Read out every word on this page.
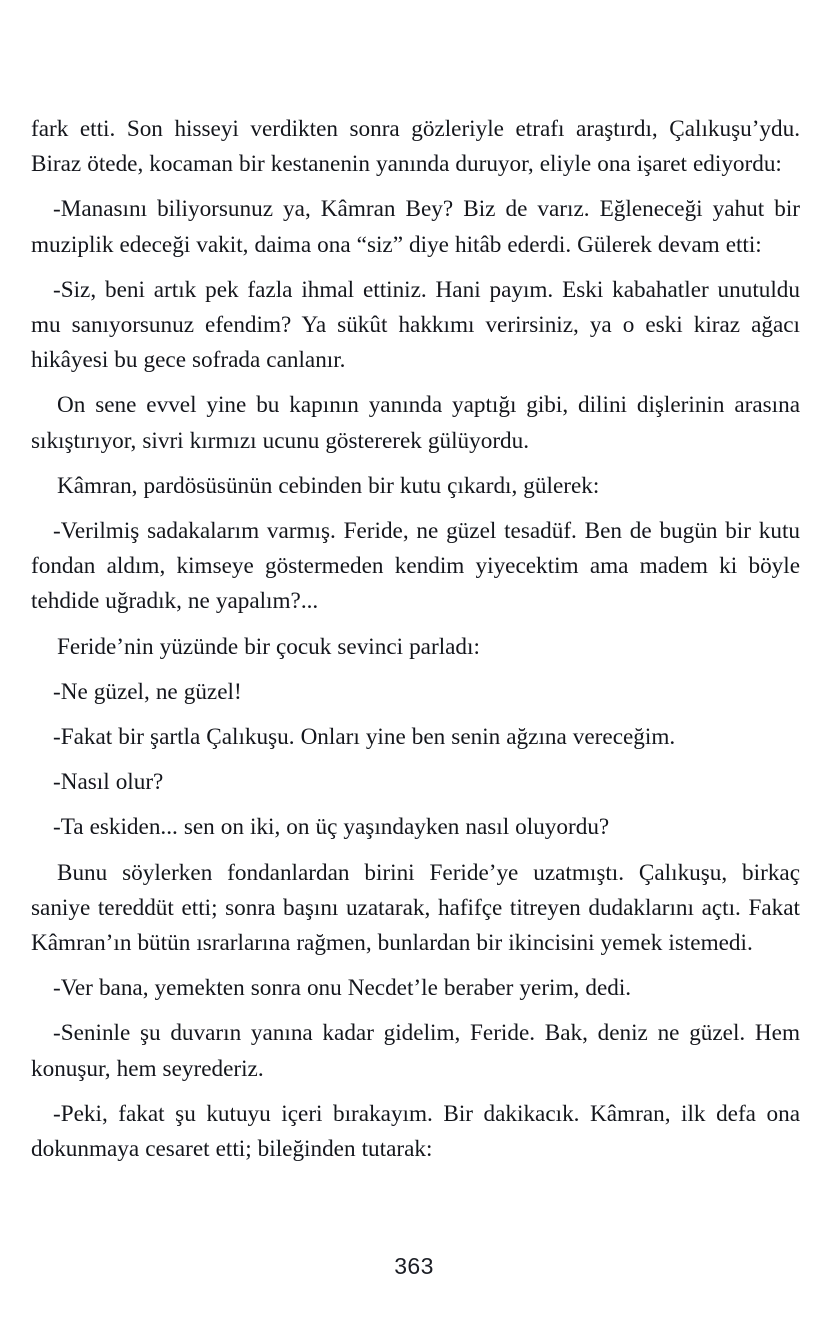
fark etti. Son hisseyi verdikten sonra gözleriyle etrafı araştırdı, Çalıkuşu’ydu. Biraz ötede, kocaman bir kestanenin yanında duruyor, eliyle ona işaret ediyordu:

-Manasını biliyorsunuz ya, Kâmran Bey? Biz de varız. Eğleneceği yahut bir muziplik edeceği vakit, daima ona “siz” diye hitâb ederdi. Gülerek devam etti:

-Siz, beni artık pek fazla ihmal ettiniz. Hani payım. Eski kabahatler unutuldu mu sanıyorsunuz efendim? Ya sükût hakkımı verirsiniz, ya o eski kiraz ağacı hikâyesi bu gece sofrada canlanır.

On sene evvel yine bu kapının yanında yaptığı gibi, dilini dişlerinin arasına sıkıştırıyor, sivri kırmızı ucunu göstererek gülüyordu.

Kâmran, pardösüsünün cebinden bir kutu çıkardı, gülerek:

-Verilmiş sadakalarım varmış. Feride, ne güzel tesadüf. Ben de bugün bir kutu fondan aldım, kimseye göstermeden kendim yiyecektim ama madem ki böyle tehdide uğradık, ne yapalım?...

Feride’nin yüzünde bir çocuk sevinci parladı:

-Ne güzel, ne güzel!

-Fakat bir şartla Çalıkuşu. Onları yine ben senin ağzına vereceğim.

-Nasıl olur?

-Ta eskiden... sen on iki, on üç yaşındayken nasıl oluyordu?

Bunu söylerken fondanlardan birini Feride’ye uzatmıştı. Çalıkuşu, birkaç saniye tereddüt etti; sonra başını uzatarak, hafifçe titreyen dudaklarını açtı. Fakat Kâmran’ın bütün ısrarlarına rağmen, bunlardan bir ikincisini yemek istemedi.

-Ver bana, yemekten sonra onu Necdet’le beraber yerim, dedi.

-Seninle şu duvarın yanına kadar gidelim, Feride. Bak, deniz ne güzel. Hem konuşur, hem seyrederiz.

-Peki, fakat şu kutuyu içeri bırakayım. Bir dakikacık. Kâmran, ilk defa ona dokunmaya cesaret etti; bileğinden tutarak:

363
